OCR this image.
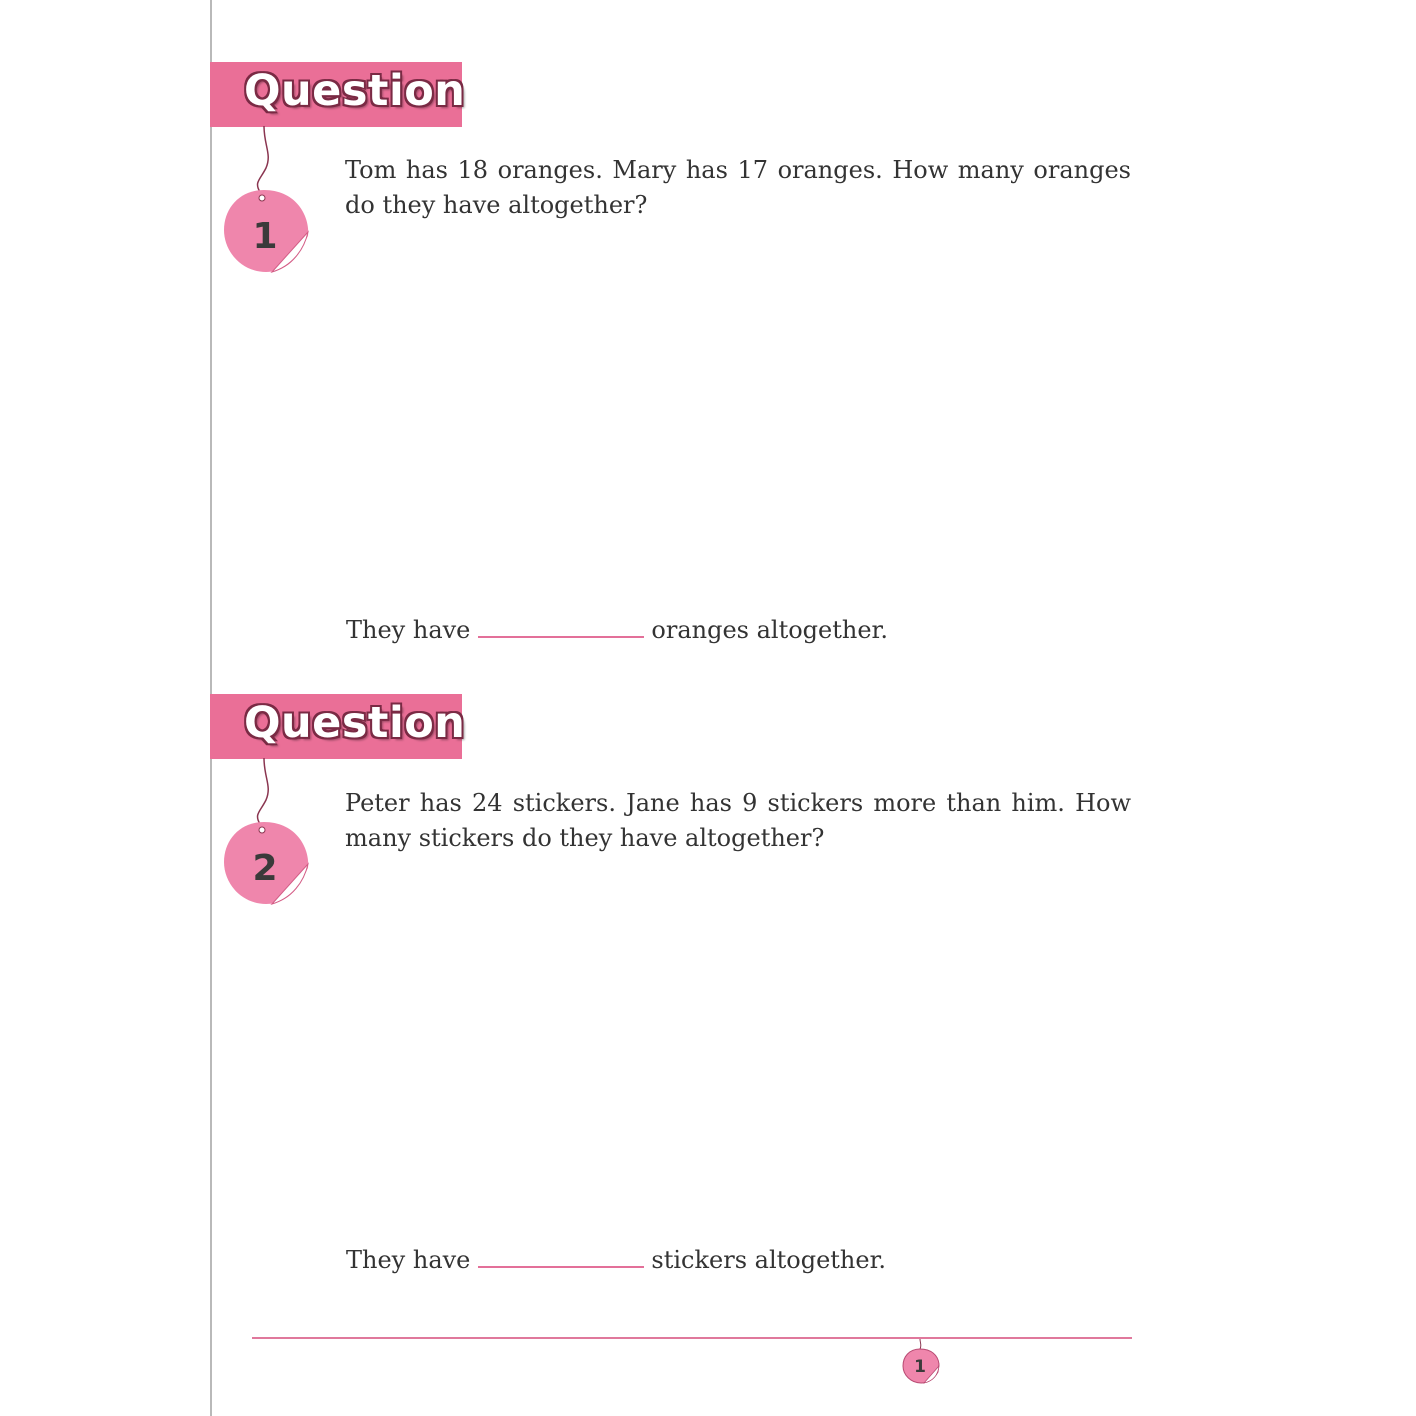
Question
1
Tom has 18 oranges. Mary has 17 oranges. How many oranges do they have altogether?
They have	oranges altogether.
Question
2
Peter has 24 stickers. Jane has 9 stickers more than him. How many stickers do they have altogether?
They have	stickers altogether.
1
